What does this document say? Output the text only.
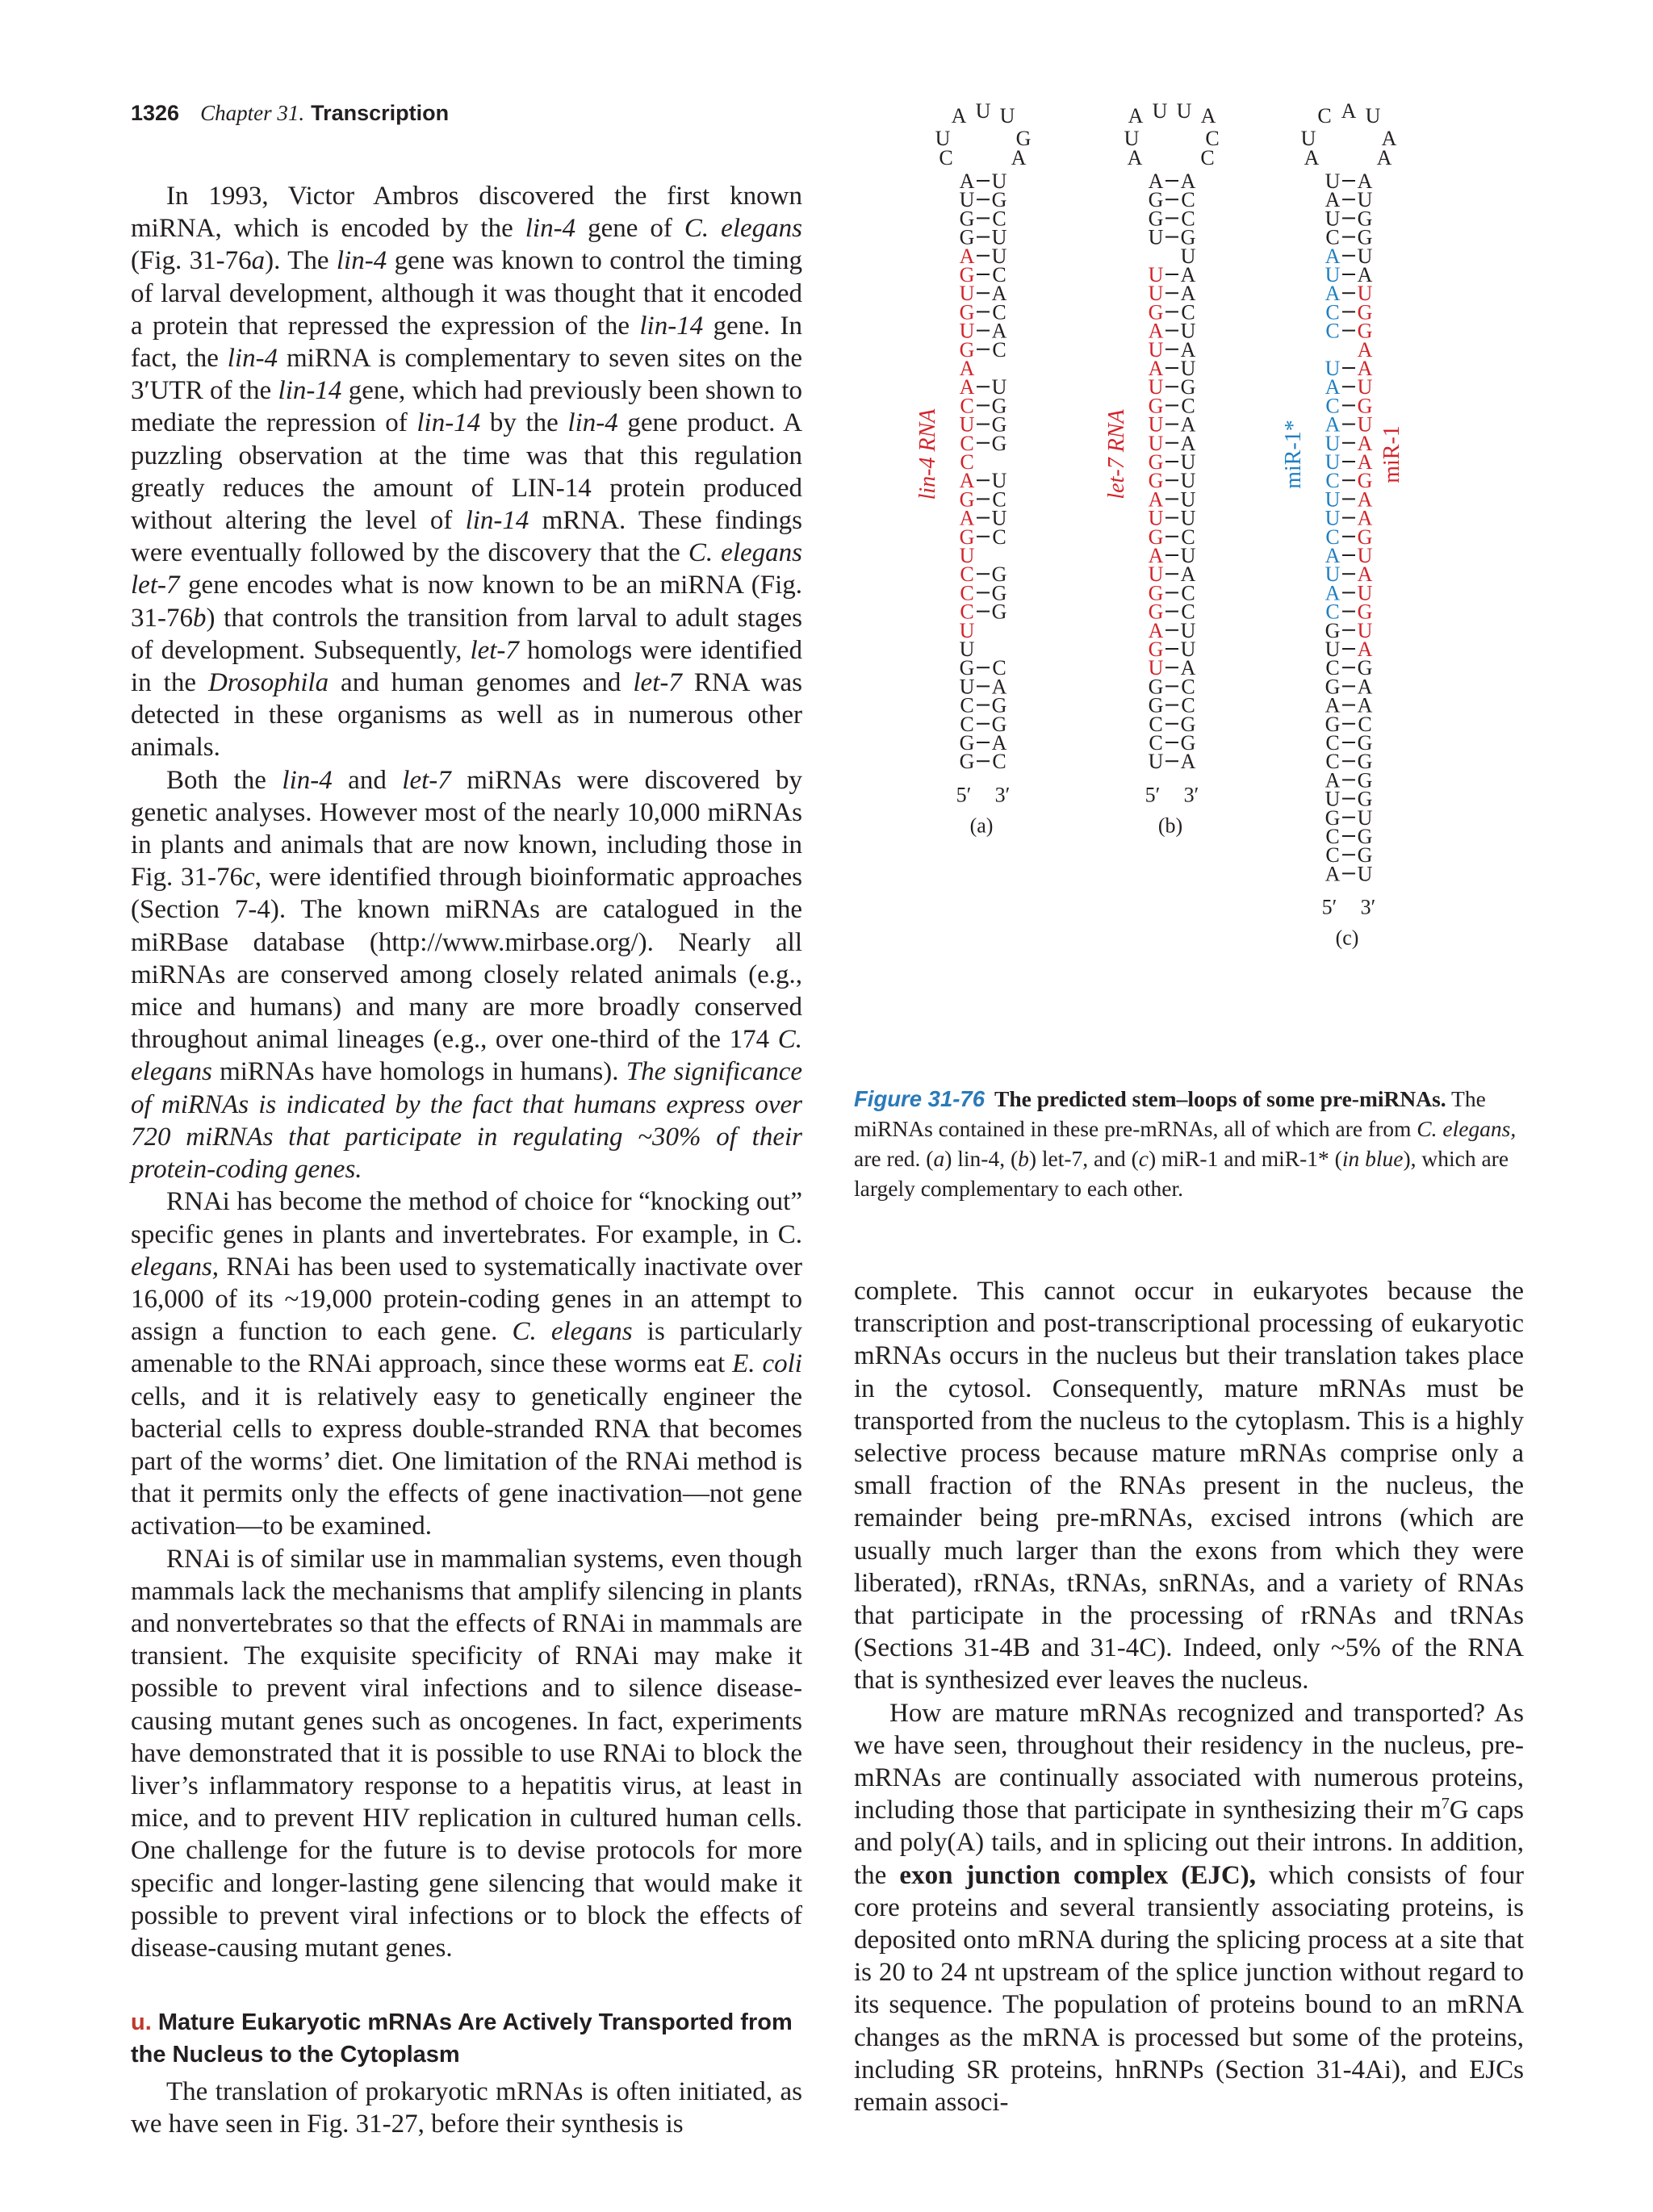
1326 Chapter 31. Transcription	A U U
U
C
G
A
A U
U G
G C
G U
A U
G C
U A
G C
U A
G C
A
A U
C G
U G
C G
C
A U
G C
A U
G C
U
C G
C G
C G
U
U
G C
U A
C G
C G
G A
G C
5′ 3′
(a)
lin-4 RNA
A U U A
U
A
C
C
A A
G C
G C
U G
U
U A
U A
G C
A U
U A
A U
U G
G C
U A
U A
G U
G U
A U
U U
G C
A U
U A
G C
G C
A U
G U
U A
G C
G C
C G
C G
U A
5′ 3′
(b)
let-7 RNA
C A U
U
A
A
A
U A
A U
U G
C G
A U
U A
A U
C G
C G
A
U A
A U
C G
A U
U A
U A
C G
U A
U A
C G
A U
U A
A U
C G
G U
U A
C G
G A
A A
G C
C G
C G
A G
U G
G U
C G
C G
A U
5′ 3′
(c)
miR-1*	miR-1
Figure 31-76 The predicted stem–loops of some pre-miRNAs. The miRNAs contained in these pre-mRNAs, all of which are from C. elegans, are red. (a) lin-4, (b) let-7, and (c) miR-1 and miR-1* (in blue), which are largely complementary to each other.

In 1993, Victor Ambros discovered the first known miRNA, which is encoded by the lin-4 gene of C. elegans (Fig. 31-76a). The lin-4 gene was known to control the timing of larval development, although it was thought that it encoded a protein that repressed the expression of the lin-14 gene. In fact, the lin-4 miRNA is complementary to seven sites on the 3′UTR of the lin-14 gene, which had previously been shown to mediate the repression of lin-14 by the lin-4 gene product. A puzzling observation at the time was that this regulation greatly reduces the amount of LIN-14 protein produced without altering the level of lin-14 mRNA. These findings were eventually followed by the discovery that the C. elegans let-7 gene encodes what is now known to be an miRNA (Fig. 31-76b) that controls the transition from larval to adult stages of development. Subsequently, let-7 homologs were identified in the Drosophila and human genomes and let-7 RNA was detected in these organisms as well as in numerous other animals.

Both the lin-4 and let-7 miRNAs were discovered by genetic analyses. However most of the nearly 10,000 miRNAs in plants and animals that are now known, including those in Fig. 31-76c, were identified through bioinformatic approaches (Section 7-4). The known miRNAs are catalogued in the miRBase database (http://www.mirbase.org/). Nearly all miRNAs are conserved among closely related animals (e.g., mice and humans) and many are more broadly conserved throughout animal lineages (e.g., over one-third of the 174 C. elegans miRNAs have homologs in humans). The significance of miRNAs is indicated by the fact that humans express over 720 miRNAs that participate in regulating ~30% of their protein-coding genes.

RNAi has become the method of choice for “knocking out” specific genes in plants and invertebrates. For example, in C. elegans, RNAi has been used to systematically inactivate over 16,000 of its ~19,000 protein-coding genes in an attempt to assign a function to each gene. C. elegans is particularly amenable to the RNAi approach, since these worms eat E. coli cells, and it is relatively easy to genetically engineer the bacterial cells to express double-stranded RNA that becomes part of the worms’ diet. One limitation of the RNAi method is that it permits only the effects of gene inactivation—not gene activation—to be examined.

RNAi is of similar use in mammalian systems, even though mammals lack the mechanisms that amplify silencing in plants and nonvertebrates so that the effects of RNAi in mammals are transient. The exquisite specificity of RNAi may make it possible to prevent viral infections and to silence disease-causing mutant genes such as oncogenes. In fact, experiments have demonstrated that it is possible to use RNAi to block the liver’s inflammatory response to a hepatitis virus, at least in mice, and to prevent HIV replication in cultured human cells. One challenge for the future is to devise protocols for more specific and longer-lasting gene silencing that would make it possible to prevent viral infections or to block the effects of disease-causing mutant genes.

u. Mature Eukaryotic mRNAs Are Actively Transported from the Nucleus to the Cytoplasm

The translation of prokaryotic mRNAs is often initiated, as we have seen in Fig. 31-27, before their synthesis is

complete. This cannot occur in eukaryotes because the transcription and post-transcriptional processing of eukaryotic mRNAs occurs in the nucleus but their translation takes place in the cytosol. Consequently, mature mRNAs must be transported from the nucleus to the cytoplasm. This is a highly selective process because mature mRNAs comprise only a small fraction of the RNAs present in the nucleus, the remainder being pre-mRNAs, excised introns (which are usually much larger than the exons from which they were liberated), rRNAs, tRNAs, snRNAs, and a variety of RNAs that participate in the processing of rRNAs and tRNAs (Sections 31-4B and 31-4C). Indeed, only ~5% of the RNA that is synthesized ever leaves the nucleus.

How are mature mRNAs recognized and transported? As we have seen, throughout their residency in the nucleus, pre-mRNAs are continually associated with numerous proteins, including those that participate in synthesizing their $m^7G$ caps and poly(A) tails, and in splicing out their introns. In addition, the exon junction complex (EJC), which consists of four core proteins and several transiently associating proteins, is deposited onto mRNA during the splicing process at a site that is 20 to 24 nt upstream of the splice junction without regard to its sequence. The population of proteins bound to an mRNA changes as the mRNA is processed but some of the proteins, including SR proteins, hnRNPs (Section 31-4Ai), and EJCs remain associ-
